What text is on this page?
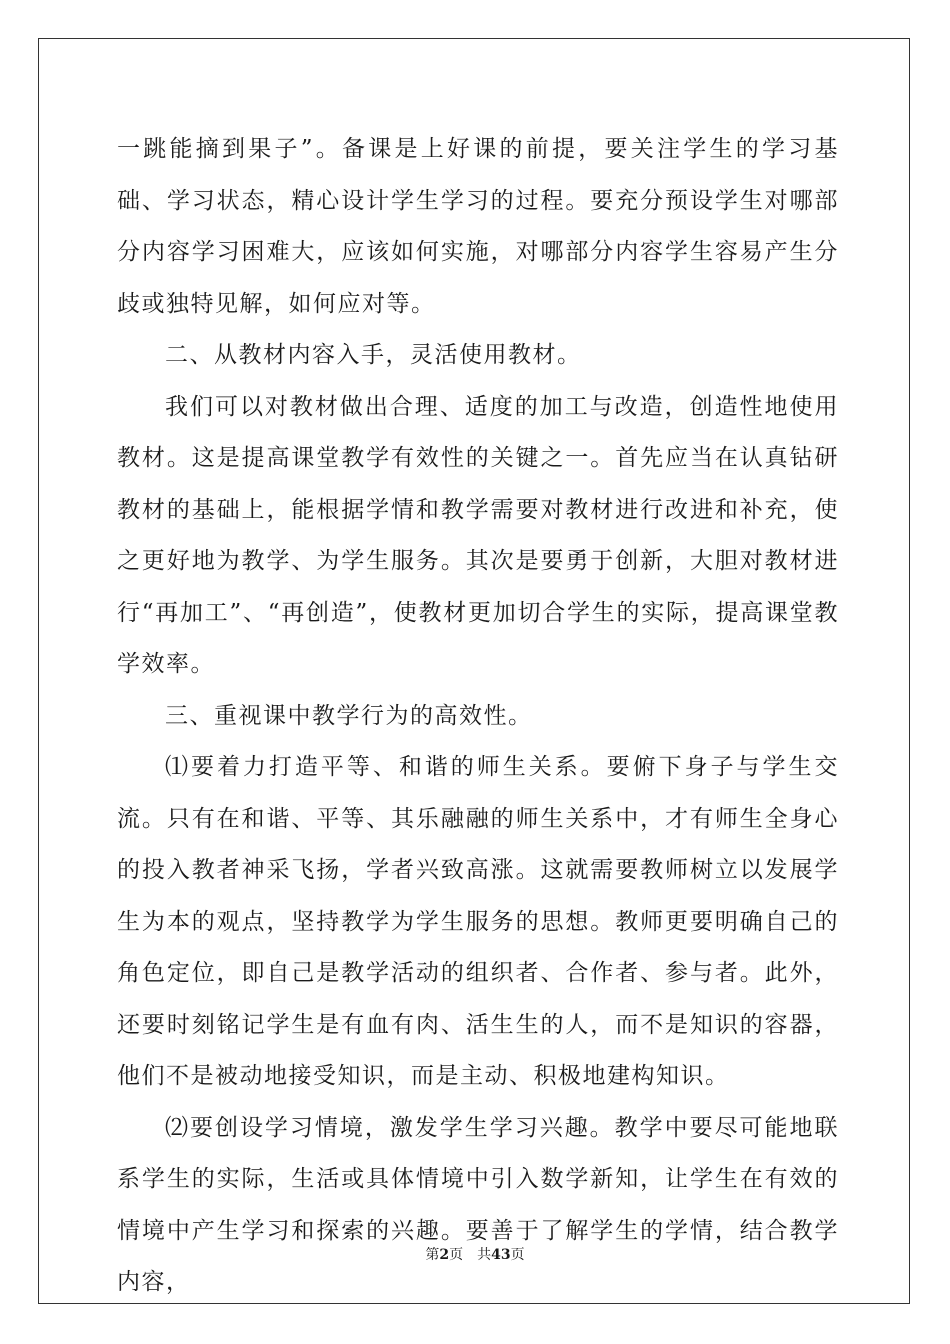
一跳能摘到果子”。备课是上好课的前提，要关注学生的学习基础、学习状态，精心设计学生学习的过程。要充分预设学生对哪部分内容学习困难大，应该如何实施，对哪部分内容学生容易产生分歧或独特见解，如何应对等。

二、从教材内容入手，灵活使用教材。

我们可以对教材做出合理、适度的加工与改造，创造性地使用教材。这是提高课堂教学有效性的关键之一。首先应当在认真钻研教材的基础上，能根据学情和教学需要对教材进行改进和补充，使之更好地为教学、为学生服务。其次是要勇于创新，大胆对教材进行“再加工”、“再创造”，使教材更加切合学生的实际，提高课堂教学效率。

三、重视课中教学行为的高效性。

⑴要着力打造平等、和谐的师生关系。要俯下身子与学生交流。只有在和谐、平等、其乐融融的师生关系中，才有师生全身心的投入教者神采飞扬，学者兴致高涨。这就需要教师树立以发展学生为本的观点，坚持教学为学生服务的思想。教师更要明确自己的角色定位，即自己是教学活动的组织者、合作者、参与者。此外，还要时刻铭记学生是有血有肉、活生生的人，而不是知识的容器，他们不是被动地接受知识，而是主动、积极地建构知识。

⑵要创设学习情境，激发学生学习兴趣。教学中要尽可能地联系学生的实际，生活或具体情境中引入数学新知，让学生在有效的情境中产生学习和探索的兴趣。要善于了解学生的学情，结合教学内容，

第2页 共43页
